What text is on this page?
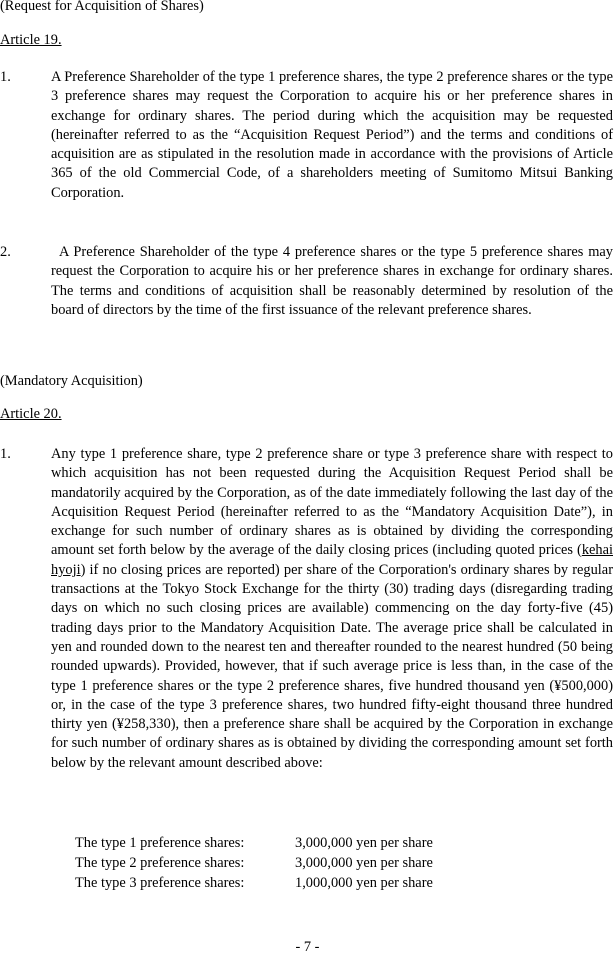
(Request for Acquisition of Shares)
Article 19.
1.	A Preference Shareholder of the type 1 preference shares, the type 2 preference shares or the type 3 preference shares may request the Corporation to acquire his or her preference shares in exchange for ordinary shares. The period during which the acquisition may be requested (hereinafter referred to as the “Acquisition Request Period”) and the terms and conditions of acquisition are as stipulated in the resolution made in accordance with the provisions of Article 365 of the old Commercial Code, of a shareholders meeting of Sumitomo Mitsui Banking Corporation.

2.	A Preference Shareholder of the type 4 preference shares or the type 5 preference shares may request the Corporation to acquire his or her preference shares in exchange for ordinary shares. The terms and conditions of acquisition shall be reasonably determined by resolution of the board of directors by the time of the first issuance of the relevant preference shares.

(Mandatory Acquisition)
Article 20.
1.	Any type 1 preference share, type 2 preference share or type 3 preference share with respect to which acquisition has not been requested during the Acquisition Request Period shall be mandatorily acquired by the Corporation, as of the date immediately following the last day of the Acquisition Request Period (hereinafter referred to as the “Mandatory Acquisition Date”), in exchange for such number of ordinary shares as is obtained by dividing the corresponding amount set forth below by the average of the daily closing prices (including quoted prices (kehai hyoji) if no closing prices are reported) per share of the Corporation's ordinary shares by regular transactions at the Tokyo Stock Exchange for the thirty (30) trading days (disregarding trading days on which no such closing prices are available) commencing on the day forty-five (45) trading days prior to the Mandatory Acquisition Date. The average price shall be calculated in yen and rounded down to the nearest ten and thereafter rounded to the nearest hundred (50 being rounded upwards). Provided, however, that if such average price is less than, in the case of the type 1 preference shares or the type 2 preference shares, five hundred thousand yen (¥500,000) or, in the case of the type 3 preference shares, two hundred fifty-eight thousand three hundred thirty yen (¥258,330), then a preference share shall be acquired by the Corporation in exchange for such number of ordinary shares as is obtained by dividing the corresponding amount set forth below by the relevant amount described above:

The type 1 preference shares:	3,000,000 yen per share
The type 2 preference shares:	3,000,000 yen per share
The type 3 preference shares:	1,000,000 yen per share
- 7 -
